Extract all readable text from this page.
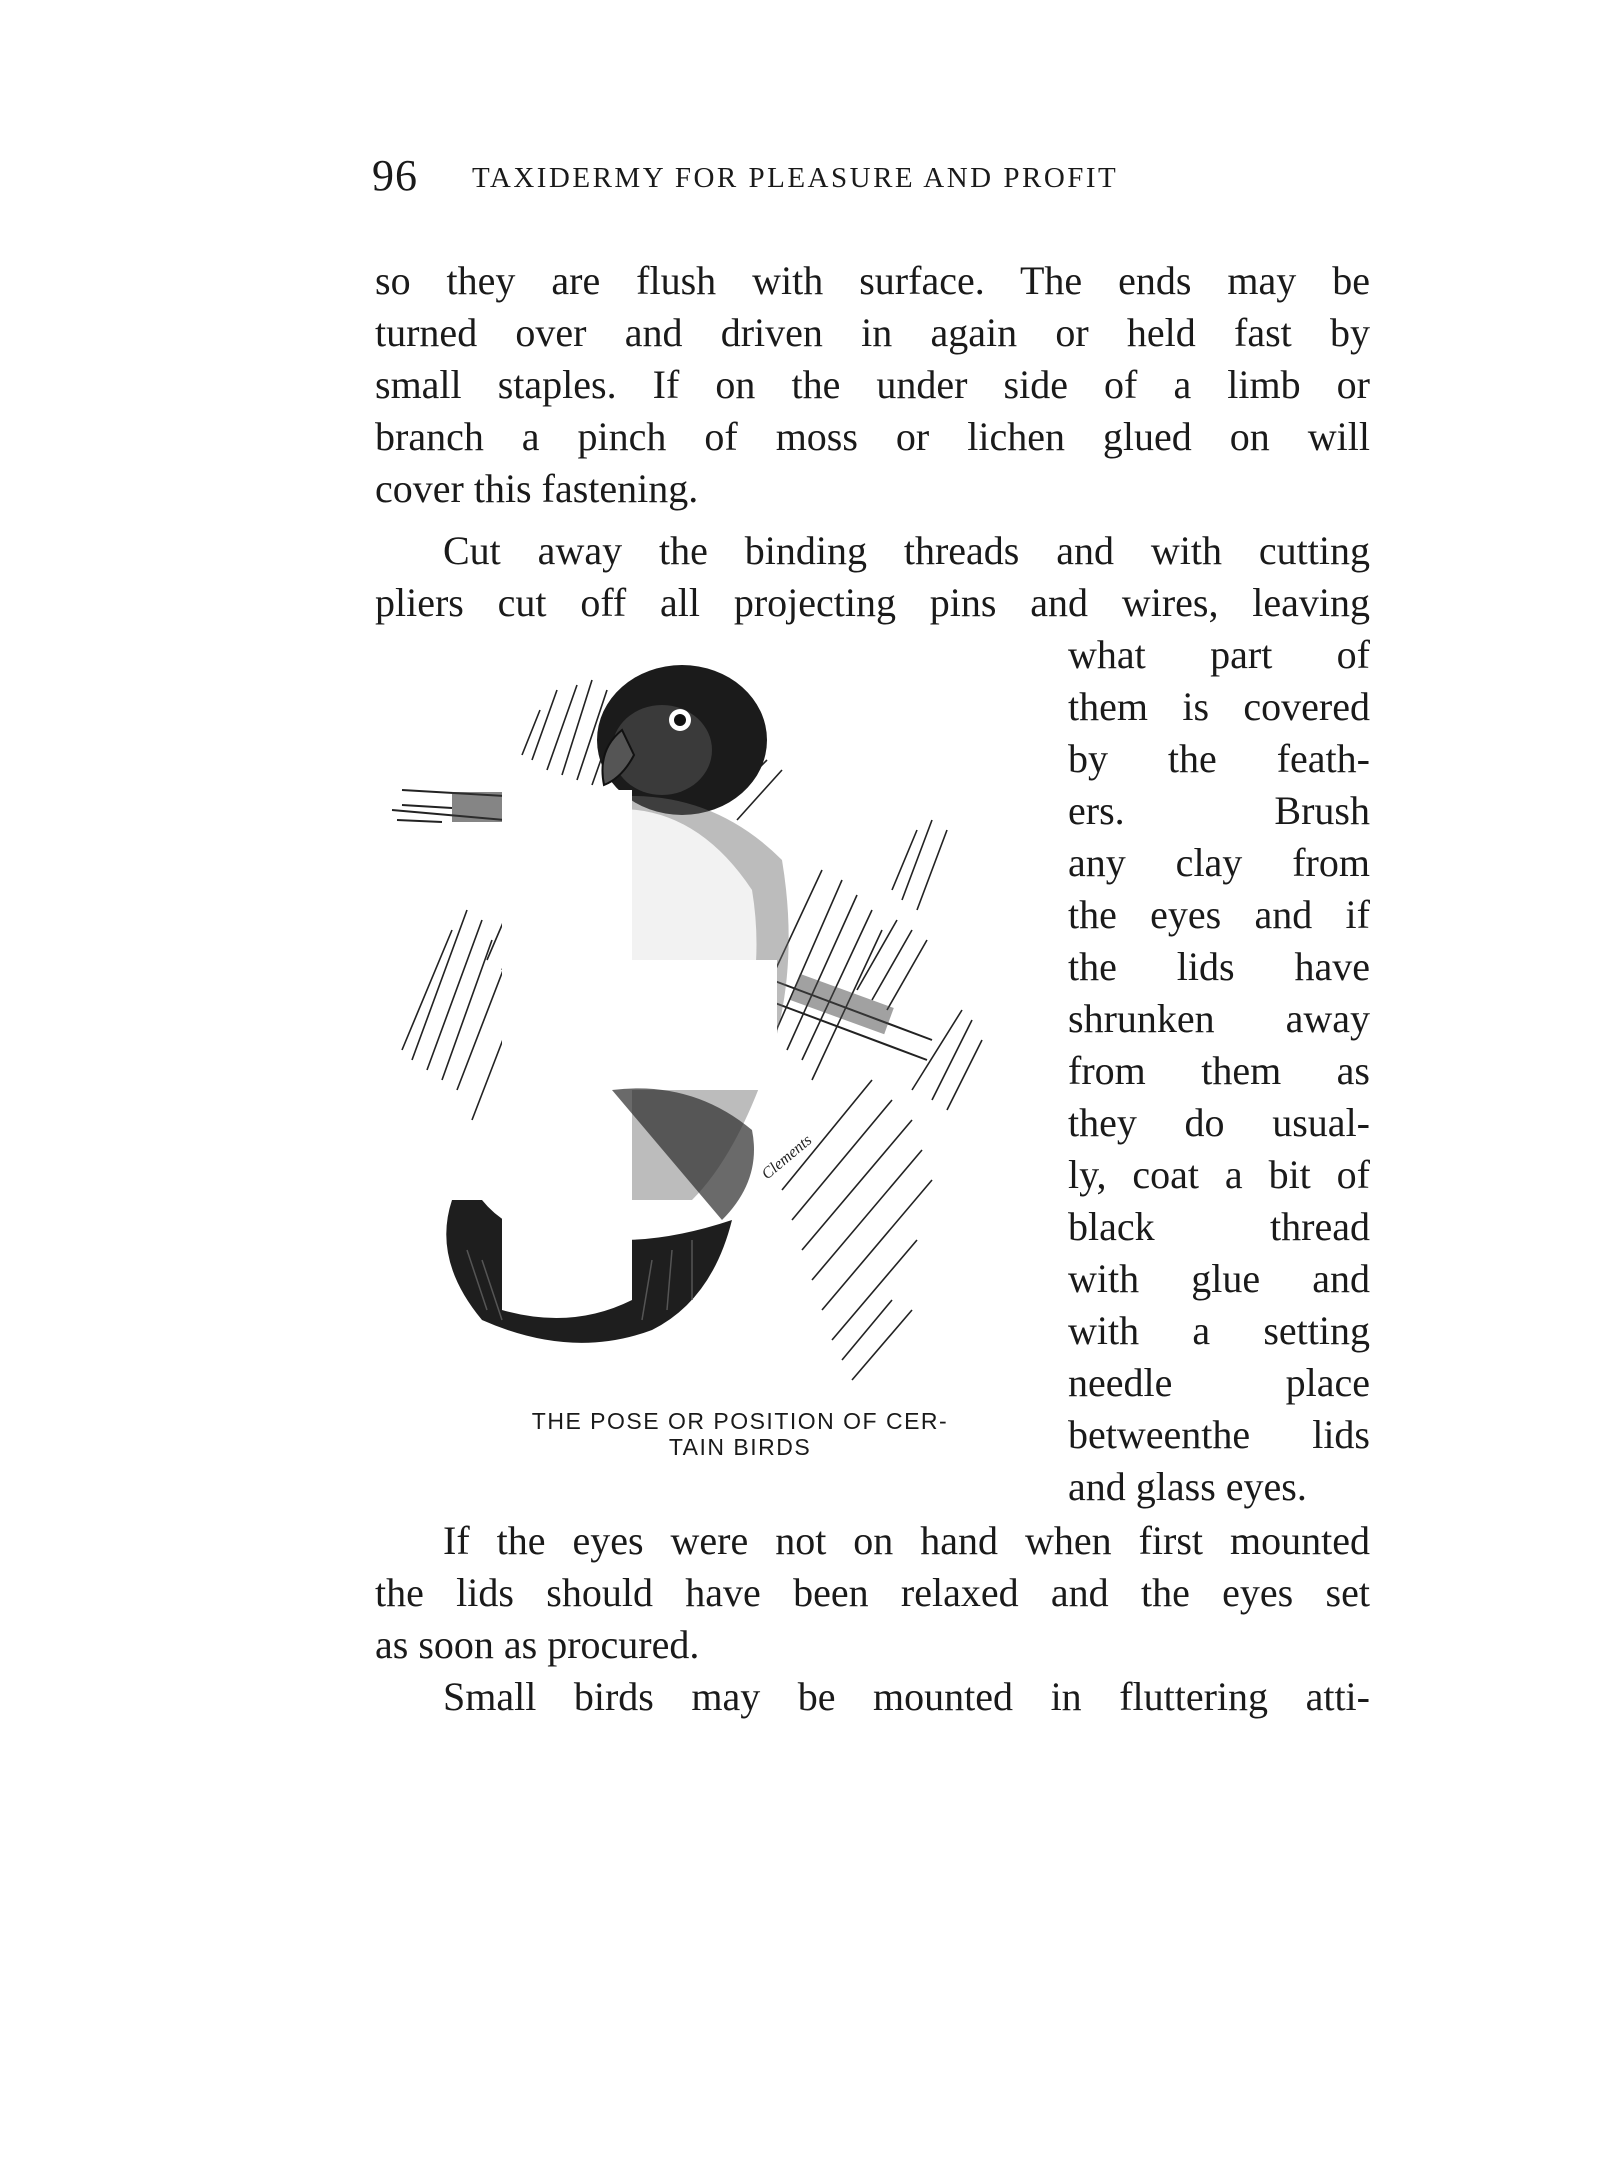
96 TAXIDERMY FOR PLEASURE AND PROFIT
so they are flush with surface. The ends may be
turned over and driven in again or held fast by
small staples. If on the under side of a limb or
branch a pinch of moss or lichen glued on will
cover this fastening.
Cut away the binding threads and with cutting
pliers cut off all projecting pins and wires, leaving
what part of
them is covered
by the feath-
ers. Brush
any clay from
the eyes and if
the lids have
shrunken away
from them as
they do usual-
ly, coat a bit of
black thread
with glue and
with a setting
needle place
betweenthe lids
and glass eyes.
If the eyes were not on hand when first mounted
the lids should have been relaxed and the eyes set
as soon as procured.
Small birds may be mounted in fluttering atti-
Clements
THE POSE OR POSITION OF CER-
TAIN BIRDS
